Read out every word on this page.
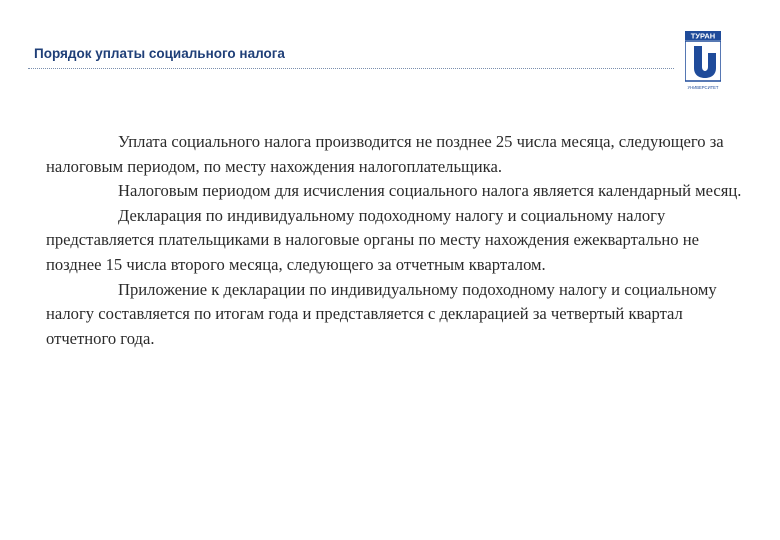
Порядок уплаты социального налога
ТУРАН
УНИВЕРСИТЕТ

Уплата социального налога производится не позднее 25 числа месяца, следующего за налоговым периодом, по месту нахождения налогоплательщика.

Налоговым периодом для исчисления социального налога является календарный месяц.

Декларация по индивидуальному подоходному налогу и социальному налогу представляется плательщиками в налоговые органы по месту нахождения ежеквартально не позднее 15 числа второго месяца, следующего за отчетным кварталом.

Приложение к декларации по индивидуальному подоходному налогу и социальному налогу составляется по итогам года и представляется с декларацией за четвертый квартал отчетного года.
